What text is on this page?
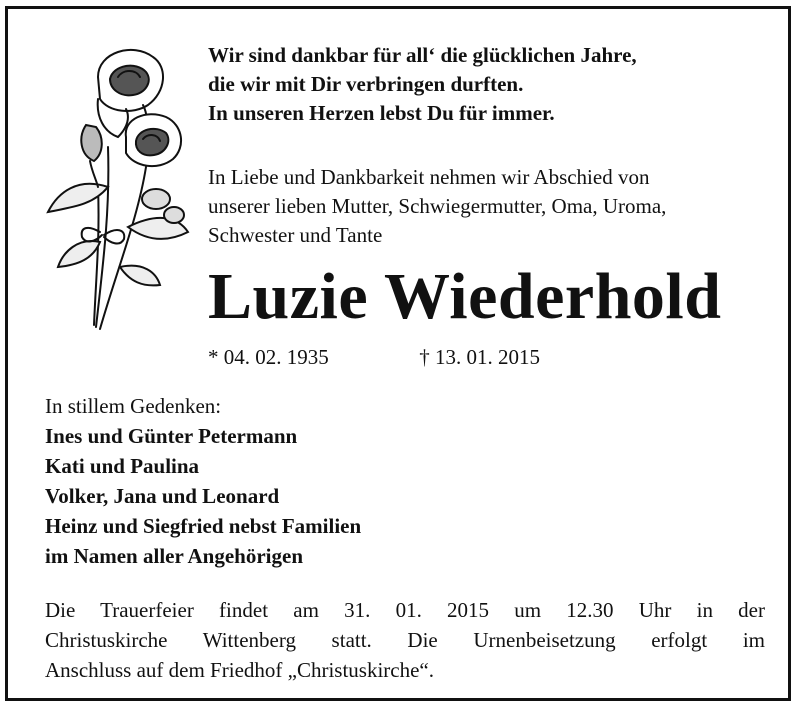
Wir sind dankbar für all‘ die glücklichen Jahre,
die wir mit Dir verbringen durften.
In unseren Herzen lebst Du für immer.
In Liebe und Dankbarkeit nehmen wir Abschied von
unserer lieben Mutter, Schwiegermutter, Oma, Uroma,
Schwester und Tante
Luzie Wiederhold
* 04. 02. 1935	† 13. 01. 2015
In stillem Gedenken:
Ines und Günter Petermann
Kati und Paulina
Volker, Jana und Leonard
Heinz und Siegfried nebst Familien
im Namen aller Angehörigen
Die Trauerfeier findet am 31. 01. 2015 um 12.30 Uhr in der
Christuskirche Wittenberg statt. Die Urnenbeisetzung erfolgt im
Anschluss auf dem Friedhof „Christuskirche“.
